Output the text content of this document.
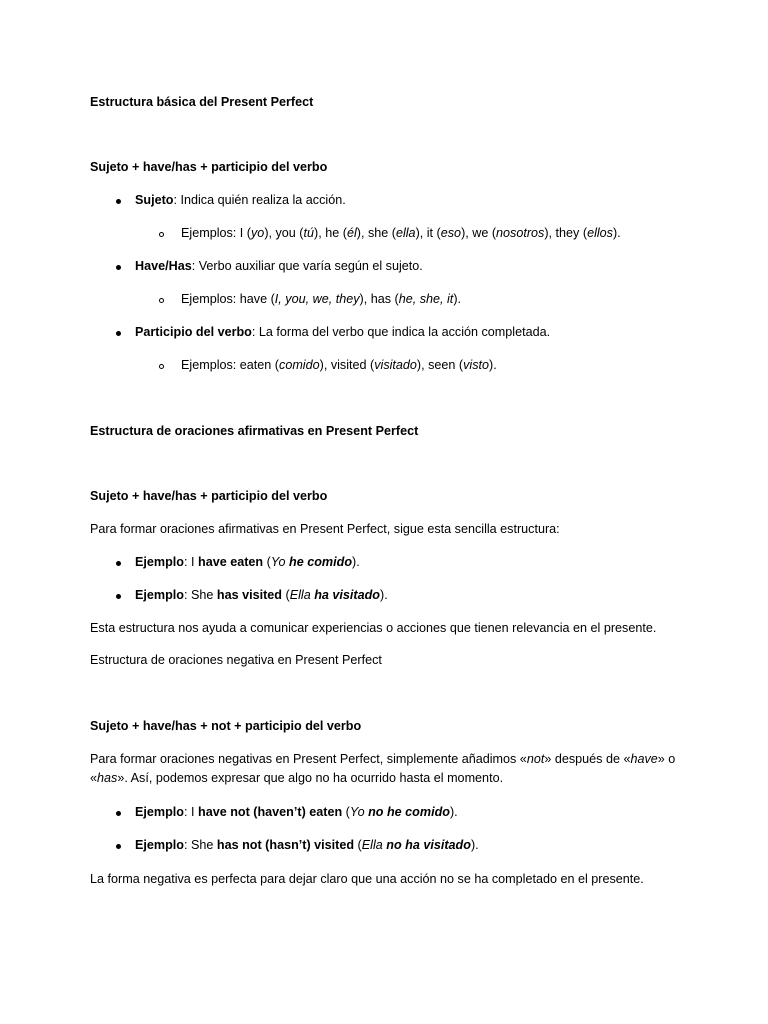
Estructura básica del Present Perfect
Sujeto + have/has + participio del verbo
Sujeto: Indica quién realiza la acción.
Ejemplos: I (yo), you (tú), he (él), she (ella), it (eso), we (nosotros), they (ellos).
Have/Has: Verbo auxiliar que varía según el sujeto.
Ejemplos: have (I, you, we, they), has (he, she, it).
Participio del verbo: La forma del verbo que indica la acción completada.
Ejemplos: eaten (comido), visited (visitado), seen (visto).
Estructura de oraciones afirmativas en Present Perfect
Sujeto + have/has + participio del verbo
Para formar oraciones afirmativas en Present Perfect, sigue esta sencilla estructura:
Ejemplo: I have eaten (Yo he comido).
Ejemplo: She has visited (Ella ha visitado).
Esta estructura nos ayuda a comunicar experiencias o acciones que tienen relevancia en el presente.
Estructura de oraciones negativa en Present Perfect
Sujeto + have/has + not + participio del verbo
Para formar oraciones negativas en Present Perfect, simplemente añadimos «not» después de «have» o
«has». Así, podemos expresar que algo no ha ocurrido hasta el momento.
Ejemplo: I have not (haven’t) eaten (Yo no he comido).
Ejemplo: She has not (hasn’t) visited (Ella no ha visitado).
La forma negativa es perfecta para dejar claro que una acción no se ha completado en el presente.
